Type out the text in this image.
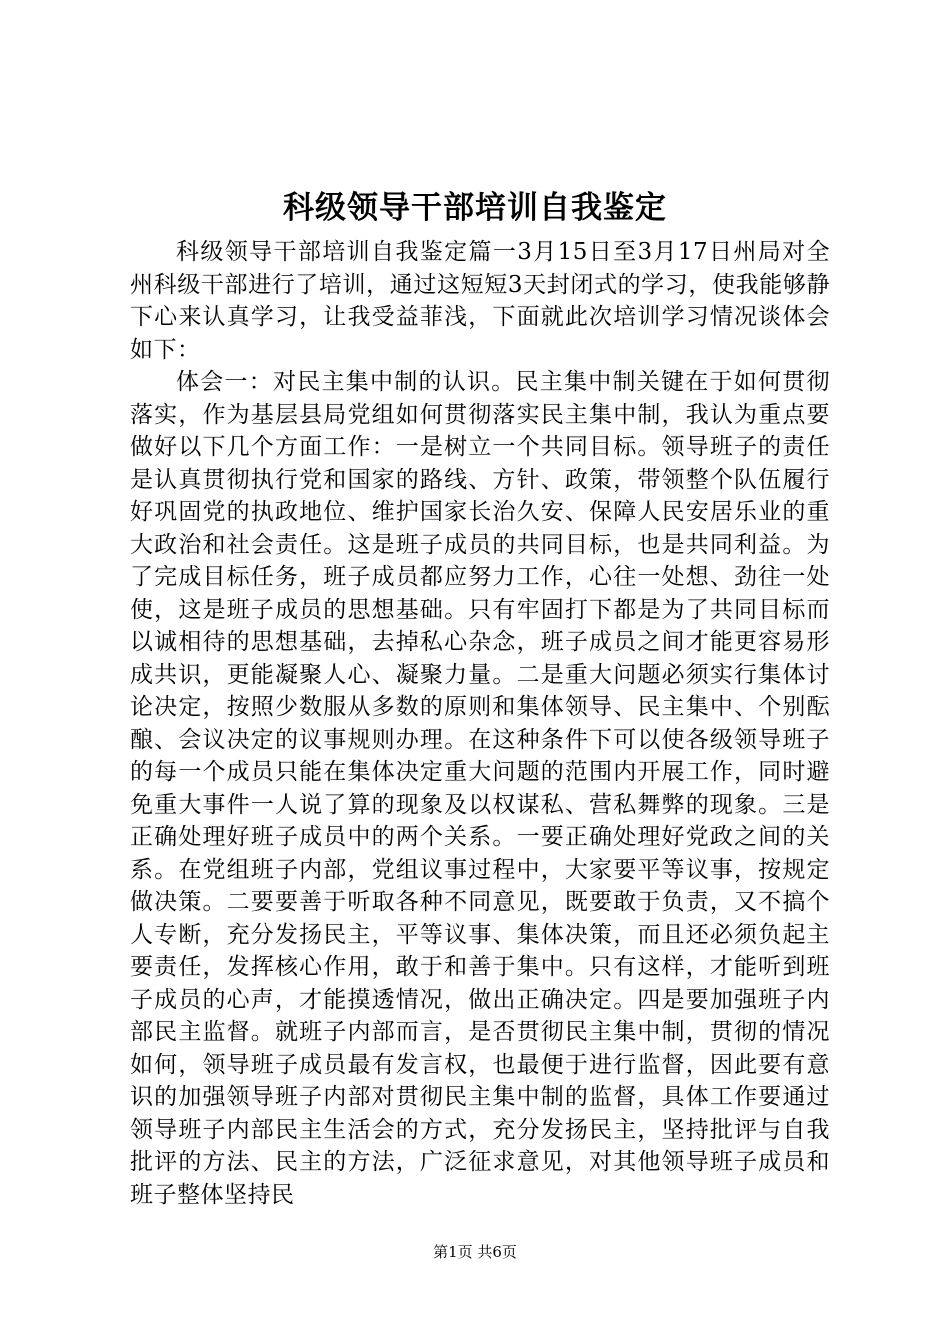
科级领导干部培训自我鉴定

科级领导干部培训自我鉴定篇一3月15日至3月17日州局对全州科级干部进行了培训，通过这短短3天封闭式的学习，使我能够静下心来认真学习，让我受益菲浅，下面就此次培训学习情况谈体会如下：

体会一：对民主集中制的认识。民主集中制关键在于如何贯彻落实，作为基层县局党组如何贯彻落实民主集中制，我认为重点要做好以下几个方面工作：一是树立一个共同目标。领导班子的责任是认真贯彻执行党和国家的路线、方针、政策，带领整个队伍履行好巩固党的执政地位、维护国家长治久安、保障人民安居乐业的重大政治和社会责任。这是班子成员的共同目标，也是共同利益。为了完成目标任务，班子成员都应努力工作，心往一处想、劲往一处使，这是班子成员的思想基础。只有牢固打下都是为了共同目标而以诚相待的思想基础，去掉私心杂念，班子成员之间才能更容易形成共识，更能凝聚人心、凝聚力量。二是重大问题必须实行集体讨论决定，按照少数服从多数的原则和集体领导、民主集中、个别酝酿、会议决定的议事规则办理。在这种条件下可以使各级领导班子的每一个成员只能在集体决定重大问题的范围内开展工作，同时避免重大事件一人说了算的现象及以权谋私、营私舞弊的现象。三是正确处理好班子成员中的两个关系。一要正确处理好党政之间的关系。在党组班子内部，党组议事过程中，大家要平等议事，按规定做决策。二要要善于听取各种不同意见，既要敢于负责，又不搞个人专断，充分发扬民主，平等议事、集体决策，而且还必须负起主要责任，发挥核心作用，敢于和善于集中。只有这样，才能听到班子成员的心声，才能摸透情况，做出正确决定。四是要加强班子内部民主监督。就班子内部而言，是否贯彻民主集中制，贯彻的情况如何，领导班子成员最有发言权，也最便于进行监督，因此要有意识的加强领导班子内部对贯彻民主集中制的监督，具体工作要通过领导班子内部民主生活会的方式，充分发扬民主，坚持批评与自我批评的方法、民主的方法，广泛征求意见，对其他领导班子成员和班子整体坚持民

第1页 共6页
